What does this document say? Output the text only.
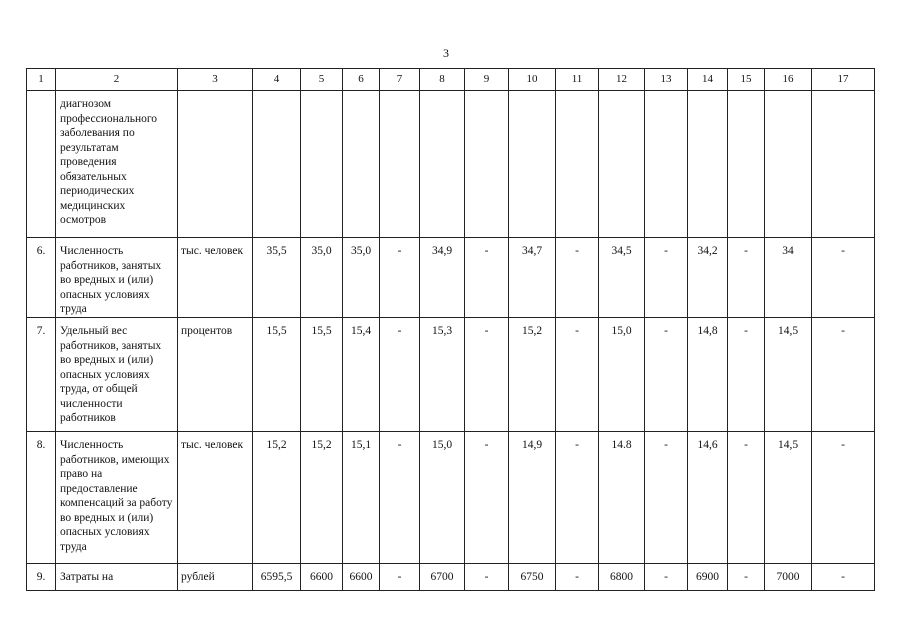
3
1	2	3	4	5	6	7	8	9	10	11	12	13	14	15	16	17
	диагнозом профессионального заболевания по результатам проведения обязательных периодических медицинских осмотров															
6.	Численность работников, занятых во вредных и (или) опасных условиях труда	тыс. человек	35,5	35,0	35,0	-	34,9	-	34,7	-	34,5	-	34,2	-	34	-
7.	Удельный вес работников, занятых во вредных и (или) опасных условиях труда, от общей численности работников	процентов	15,5	15,5	15,4	-	15,3	-	15,2	-	15,0	-	14,8	-	14,5	-
8.	Численность работников, имеющих право на предоставление компенсаций за работу во вредных и (или) опасных условиях труда	тыс. человек	15,2	15,2	15,1	-	15,0	-	14,9	-	14.8	-	14,6	-	14,5	-
9.	Затраты на	рублей	6595,5	6600	6600	-	6700	-	6750	-	6800	-	6900	-	7000	-
